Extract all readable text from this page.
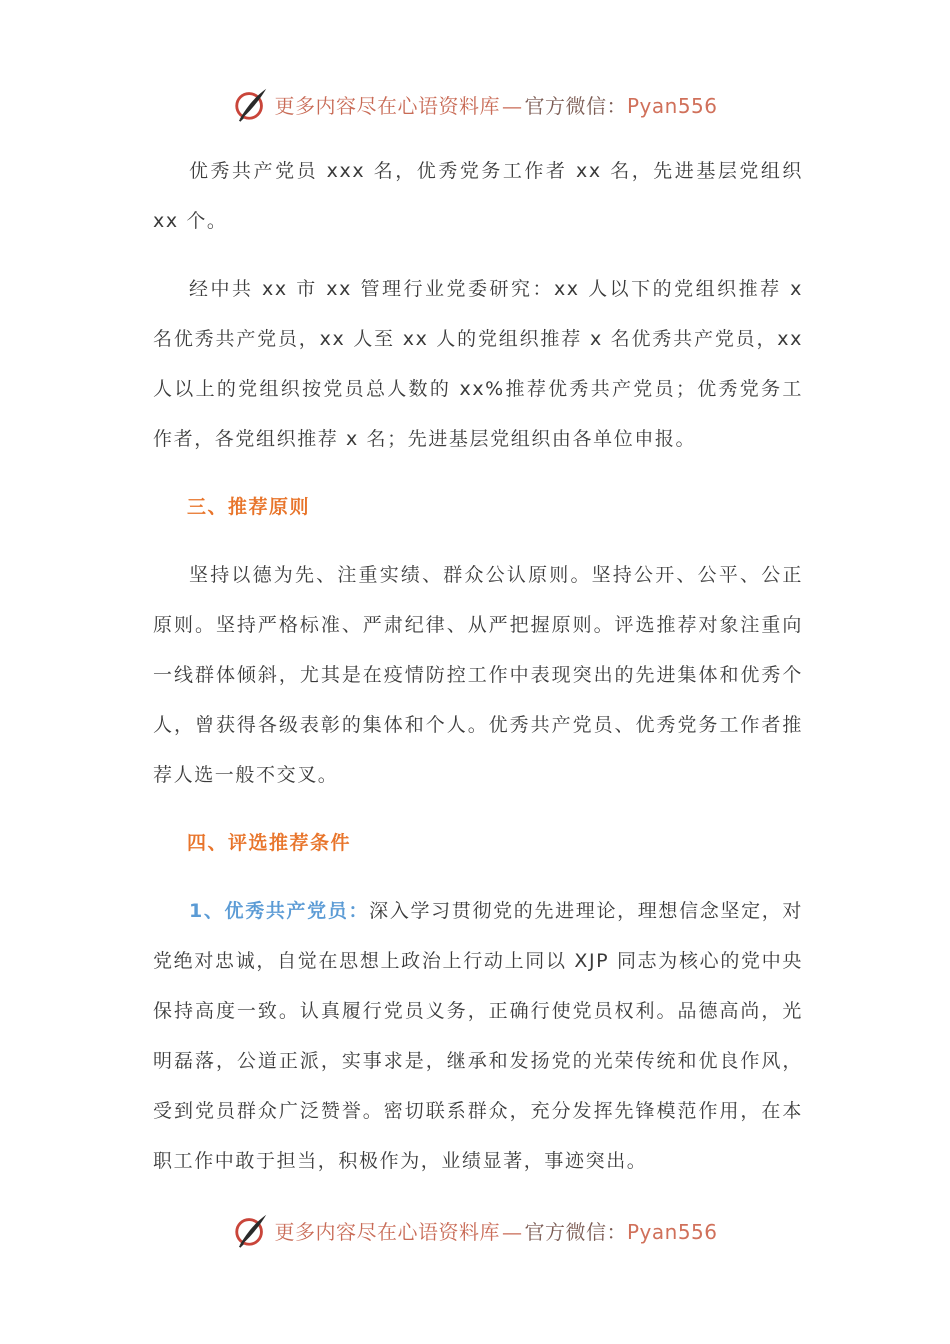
更多内容尽在心语资料库 — 官方微信：Pyan556

优秀共产党员 xxx 名，优秀党务工作者 xx 名，先进基层党组织 xx 个。

经中共 xx 市 xx 管理行业党委研究：xx 人以下的党组织推荐 x 名优秀共产党员，xx 人至 xx 人的党组织推荐 x 名优秀共产党员，xx 人以上的党组织按党员总人数的 xx%推荐优秀共产党员；优秀党务工作者，各党组织推荐 x 名；先进基层党组织由各单位申报。

三、推荐原则

坚持以德为先、注重实绩、群众公认原则。坚持公开、公平、公正原则。坚持严格标准、严肃纪律、从严把握原则。评选推荐对象注重向一线群体倾斜，尤其是在疫情防控工作中表现突出的先进集体和优秀个人，曾获得各级表彰的集体和个人。优秀共产党员、优秀党务工作者推荐人选一般不交叉。

四、评选推荐条件

1、优秀共产党员：深入学习贯彻党的先进理论，理想信念坚定，对党绝对忠诚，自觉在思想上政治上行动上同以 XJP 同志为核心的党中央保持高度一致。认真履行党员义务，正确行使党员权利。品德高尚，光明磊落，公道正派，实事求是，继承和发扬党的光荣传统和优良作风，受到党员群众广泛赞誉。密切联系群众，充分发挥先锋模范作用，在本职工作中敢于担当，积极作为，业绩显著，事迹突出。

更多内容尽在心语资料库 — 官方微信：Pyan556
